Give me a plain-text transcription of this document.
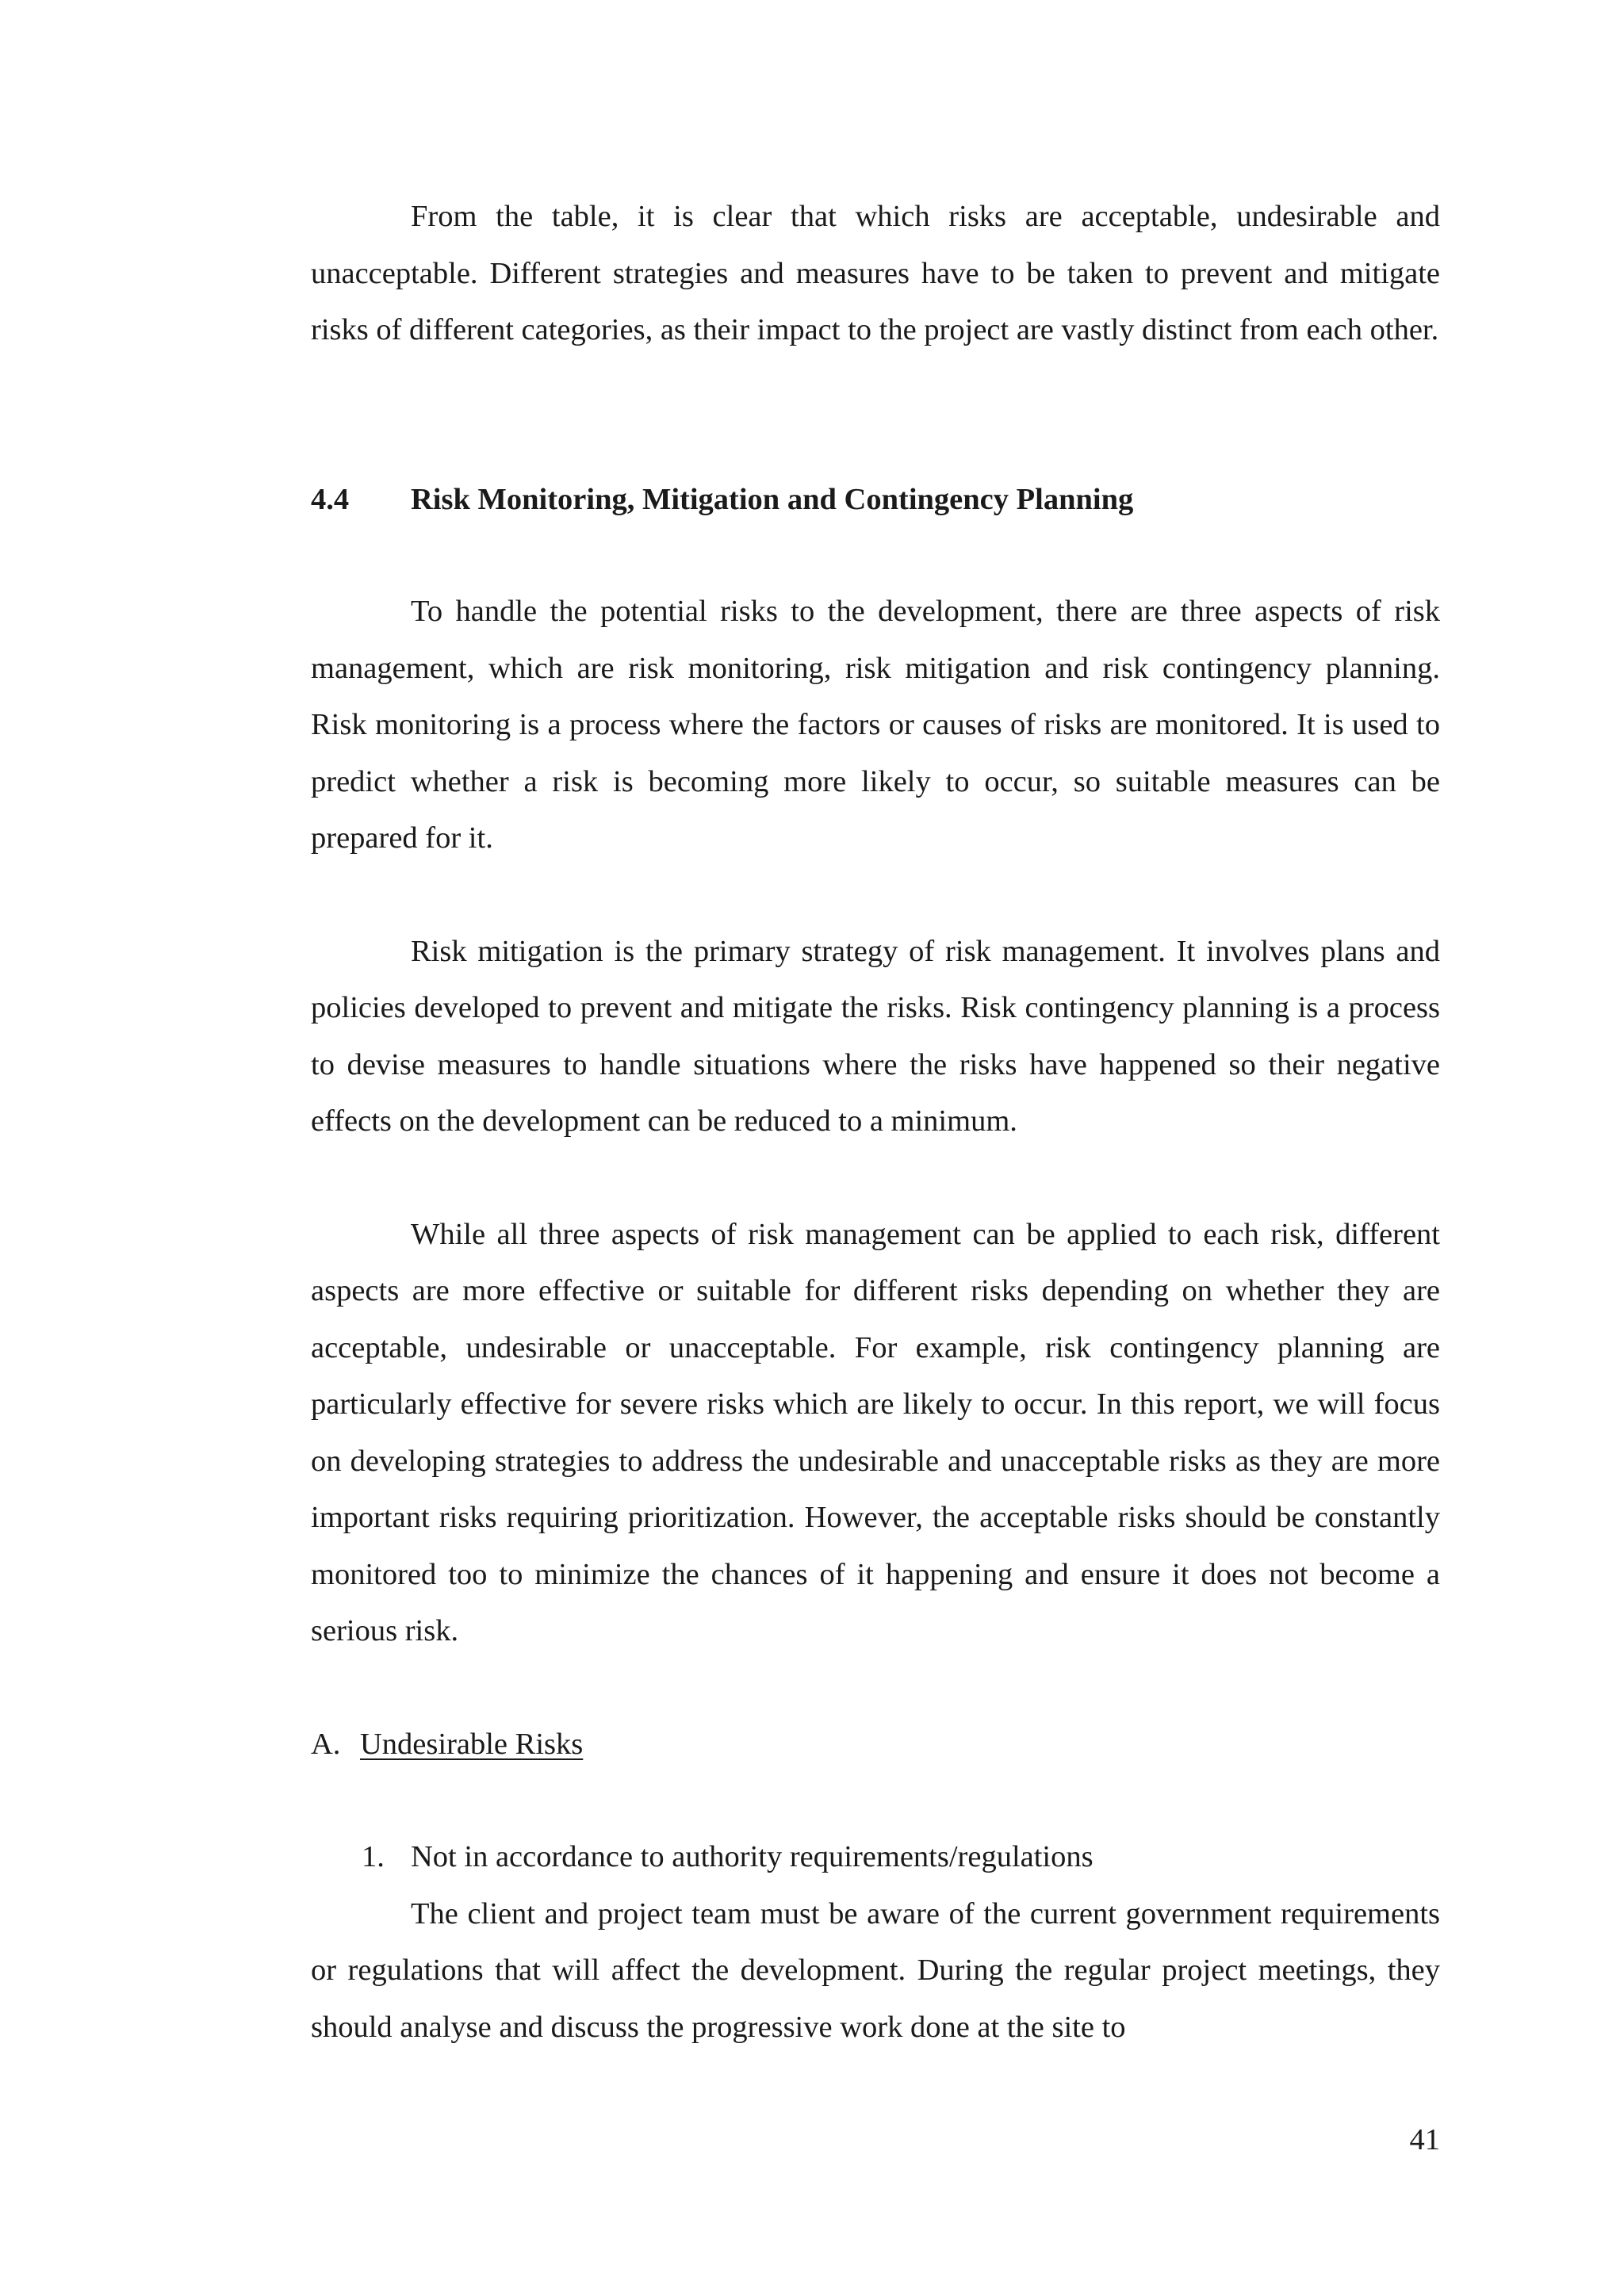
From the table, it is clear that which risks are acceptable, undesirable and unacceptable. Different strategies and measures have to be taken to prevent and mitigate risks of different categories, as their impact to the project are vastly distinct from each other.

4.4 Risk Monitoring, Mitigation and Contingency Planning

To handle the potential risks to the development, there are three aspects of risk management, which are risk monitoring, risk mitigation and risk contingency planning. Risk monitoring is a process where the factors or causes of risks are monitored. It is used to predict whether a risk is becoming more likely to occur, so suitable measures can be prepared for it.

Risk mitigation is the primary strategy of risk management. It involves plans and policies developed to prevent and mitigate the risks. Risk contingency planning is a process to devise measures to handle situations where the risks have happened so their negative effects on the development can be reduced to a minimum.

While all three aspects of risk management can be applied to each risk, different aspects are more effective or suitable for different risks depending on whether they are acceptable, undesirable or unacceptable. For example, risk contingency planning are particularly effective for severe risks which are likely to occur. In this report, we will focus on developing strategies to address the undesirable and unacceptable risks as they are more important risks requiring prioritization. However, the acceptable risks should be constantly monitored too to minimize the chances of it happening and ensure it does not become a serious risk.

A. Undesirable Risks

1. Not in accordance to authority requirements/regulations

The client and project team must be aware of the current government requirements or regulations that will affect the development. During the regular project meetings, they should analyse and discuss the progressive work done at the site to

41
